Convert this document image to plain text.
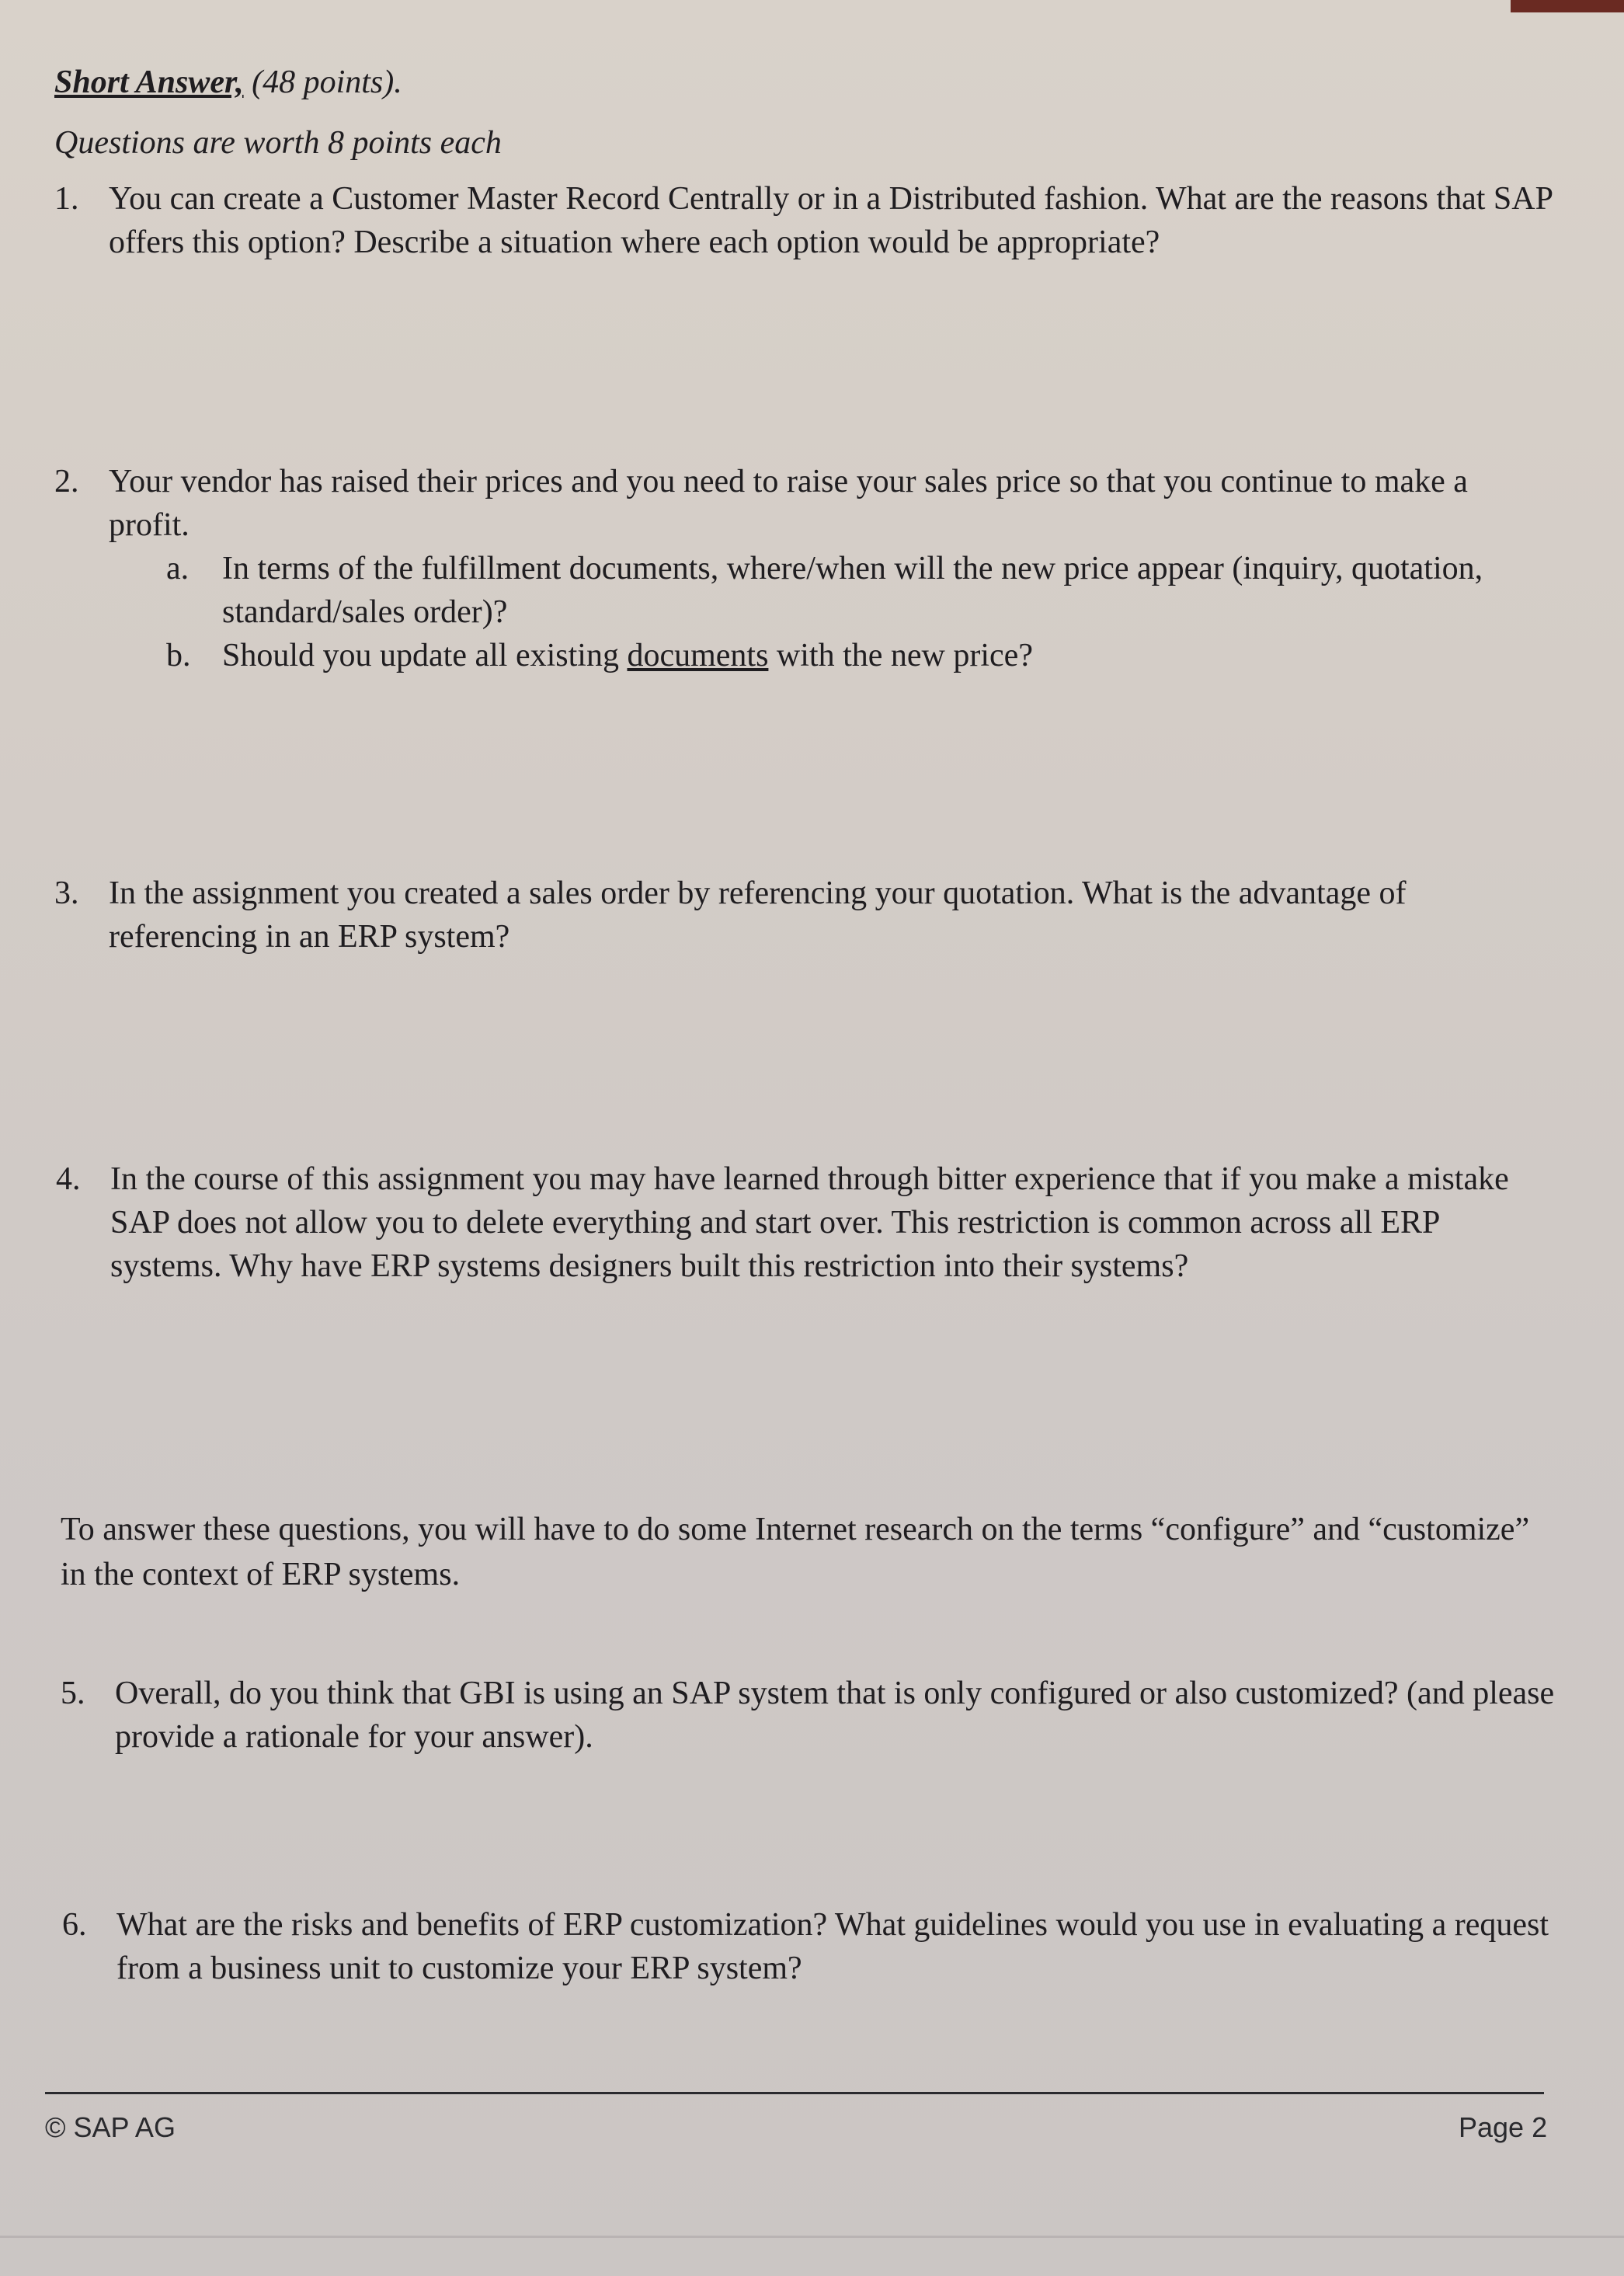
Short Answer, (48 points).
Questions are worth 8 points each
1. You can create a Customer Master Record Centrally or in a Distributed fashion. What are the reasons that SAP offers this option? Describe a situation where each option would be appropriate?
2. Your vendor has raised their prices and you need to raise your sales price so that you continue to make a profit.
a. In terms of the fulfillment documents, where/when will the new price appear (inquiry, quotation, standard/sales order)?
b. Should you update all existing documents with the new price?
3. In the assignment you created a sales order by referencing your quotation. What is the advantage of referencing in an ERP system?
4. In the course of this assignment you may have learned through bitter experience that if you make a mistake SAP does not allow you to delete everything and start over. This restriction is common across all ERP systems. Why have ERP systems designers built this restriction into their systems?
To answer these questions, you will have to do some Internet research on the terms “configure” and “customize” in the context of ERP systems.
5. Overall, do you think that GBI is using an SAP system that is only configured or also customized? (and please provide a rationale for your answer).
6. What are the risks and benefits of ERP customization? What guidelines would you use in evaluating a request from a business unit to customize your ERP system?
© SAP AG	Page 2
